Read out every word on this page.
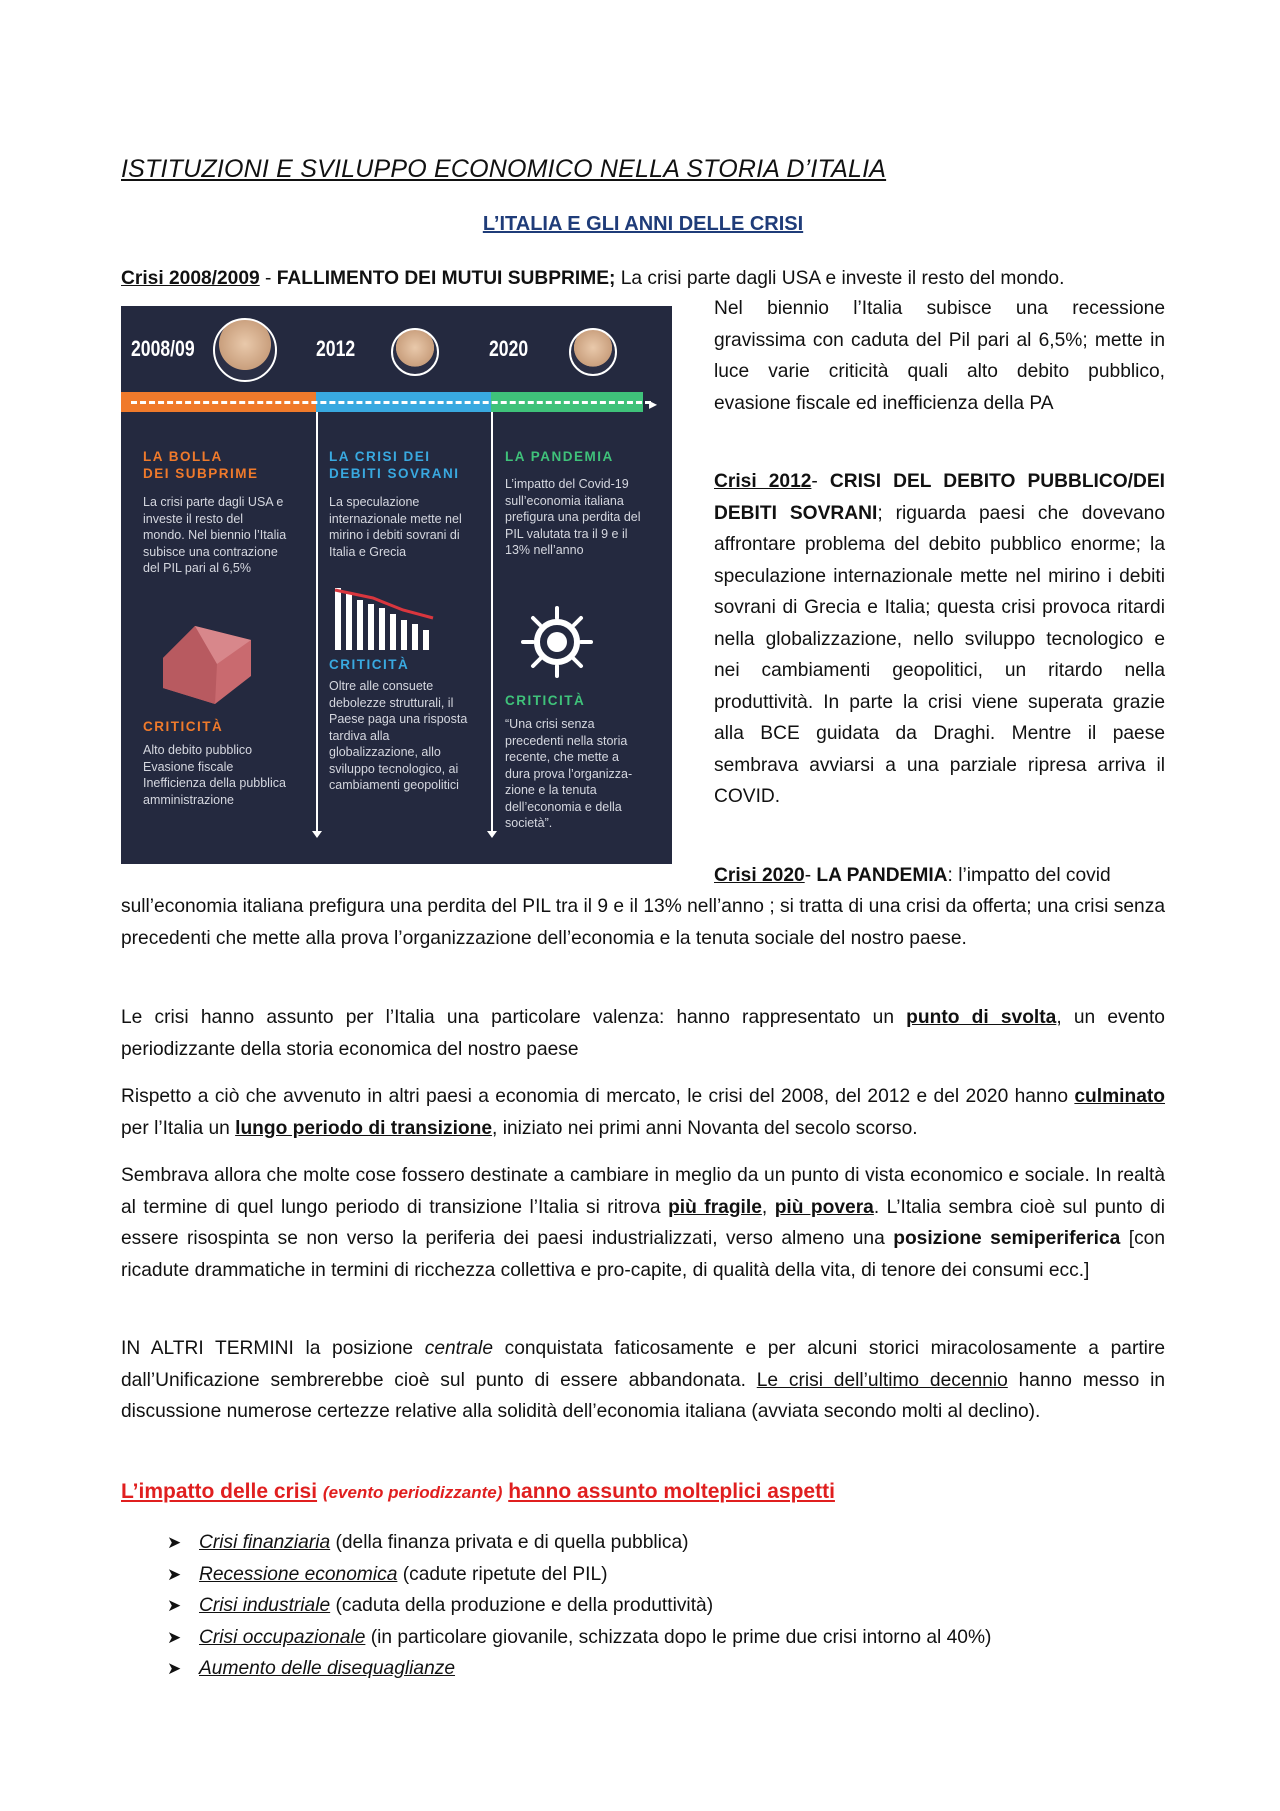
ISTITUZIONI E SVILUPPO ECONOMICO NELLA STORIA D’ITALIA
L’ITALIA E GLI ANNI DELLE CRISI

Crisi 2008/2009 - FALLIMENTO DEI MUTUI SUBPRIME; La crisi parte dagli USA e investe il resto del mondo.

2008/09	2012	2020
▸
LA BOLLA
DEI SUBPRIME
La crisi parte dagli USA e investe il resto del mondo. Nel biennio l’Italia subisce una contrazione del PIL pari al 6,5%
CRITICITÀ
Alto debito pubblico Evasione fiscale Inefficienza della pubblica amministrazione
LA CRISI DEI
DEBITI SOVRANI
La speculazione internazionale mette nel mirino i debiti sovrani di Italia e Grecia
CRITICITÀ
Oltre alle consuete debolezze strutturali, il Paese paga una risposta tardiva alla globalizzazione, allo sviluppo tecnologico, ai cambiamenti geopolitici
LA PANDEMIA
L’impatto del Covid-19 sull’economia italiana prefigura una perdita del PIL valutata tra il 9 e il 13% nell’anno
CRITICITÀ
“Una crisi senza precedenti nella storia recente, che mette a dura prova l’organizza-zione e la tenuta dell’economia e della società”.

Nel biennio l’Italia subisce una recessione gravissima con caduta del Pil pari al 6,5%; mette in luce varie criticità quali alto debito pubblico, evasione fiscale ed inefficienza della PA

Crisi 2012- CRISI DEL DEBITO PUBBLICO/DEI DEBITI SOVRANI; riguarda paesi che dovevano affrontare problema del debito pubblico enorme; la speculazione internazionale mette nel mirino i debiti sovrani di Grecia e Italia; questa crisi provoca ritardi nella globalizzazione, nello sviluppo tecnologico e nei cambiamenti geopolitici, un ritardo nella produttività. In parte la crisi viene superata grazie alla BCE guidata da Draghi. Mentre il paese sembrava avviarsi a una parziale ripresa arriva il COVID.

Crisi 2020- LA PANDEMIA: l’impatto del covid

sull’economia italiana prefigura una perdita del PIL tra il 9 e il 13% nell’anno ; si tratta di una crisi da offerta; una crisi senza precedenti che mette alla prova l’organizzazione dell’economia e la tenuta sociale del nostro paese.

Le crisi hanno assunto per l’Italia una particolare valenza: hanno rappresentato un punto di svolta, un evento periodizzante della storia economica del nostro paese

Rispetto a ciò che avvenuto in altri paesi a economia di mercato, le crisi del 2008, del 2012 e del 2020 hanno culminato per l’Italia un lungo periodo di transizione, iniziato nei primi anni Novanta del secolo scorso.

Sembrava allora che molte cose fossero destinate a cambiare in meglio da un punto di vista economico e sociale. In realtà al termine di quel lungo periodo di transizione l’Italia si ritrova più fragile, più povera. L’Italia sembra cioè sul punto di essere risospinta se non verso la periferia dei paesi industrializzati, verso almeno una posizione semiperiferica [con ricadute drammatiche in termini di ricchezza collettiva e pro-capite, di qualità della vita, di tenore dei consumi ecc.]

IN ALTRI TERMINI la posizione centrale conquistata faticosamente e per alcuni storici miracolosamente a partire dall’Unificazione sembrerebbe cioè sul punto di essere abbandonata. Le crisi dell’ultimo decennio hanno messo in discussione numerose certezze relative alla solidità dell’economia italiana (avviata secondo molti al declino).

L’impatto delle crisi (evento periodizzante) hanno assunto molteplici aspetti
➤ Crisi finanziaria (della finanza privata e di quella pubblica)
➤ Recessione economica (cadute ripetute del PIL)
➤ Crisi industriale (caduta della produzione e della produttività)
➤ Crisi occupazionale (in particolare giovanile, schizzata dopo le prime due crisi intorno al 40%)
➤ Aumento delle disequaglianze
